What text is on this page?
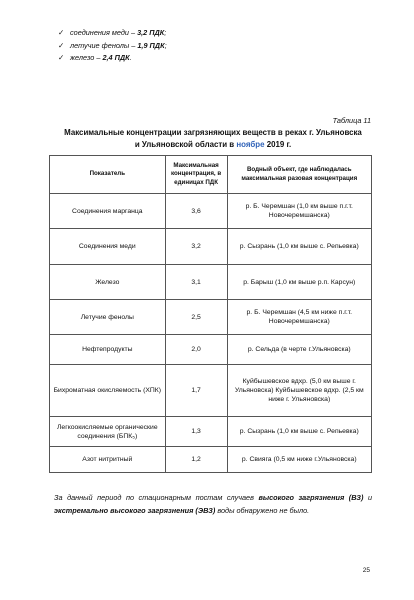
✓ соединения меди – 3,2 ПДК;
✓ летучие фенолы – 1,9 ПДК;
✓ железо – 2,4 ПДК.
Таблица 11
Максимальные концентрации загрязняющих веществ в реках г. Ульяновска
и Ульяновской области в ноябре 2019 г.
Показатель	Максимальная концентрация, в единицах ПДК	Водный объект, где наблюдалась максимальная разовая концентрация
Соединения марганца	3,6	р. Б. Черемшан (1,0 км выше п.г.т. Новочеремшанска)
Соединения меди	3,2	р. Сызрань (1,0 км выше с. Репьевка)
Железо	3,1	р. Барыш (1,0 км выше р.п. Карсун)
Летучие фенолы	2,5	р. Б. Черемшан (4,5 км ниже п.г.т. Новочеремшанска)
Нефтепродукты	2,0	р. Сельда (в черте г.Ульяновска)
Бихроматная окисляемость (ХПК)	1,7	Куйбышевское вдхр. (5,0 км выше г. Ульяновска) Куйбышевское вдхр. (2,5 км ниже г. Ульяновска)
Легкоокисляемые органические соединения (БПК₅)	1,3	р. Сызрань (1,0 км выше с. Репьевка)
Азот нитритный	1,2	р. Свияга (0,5 км ниже г.Ульяновска)
За данный период по стационарным постам случаев высокого загрязнения (ВЗ) и экстремально высокого загрязнения (ЭВЗ) воды обнаружено не было.
25
